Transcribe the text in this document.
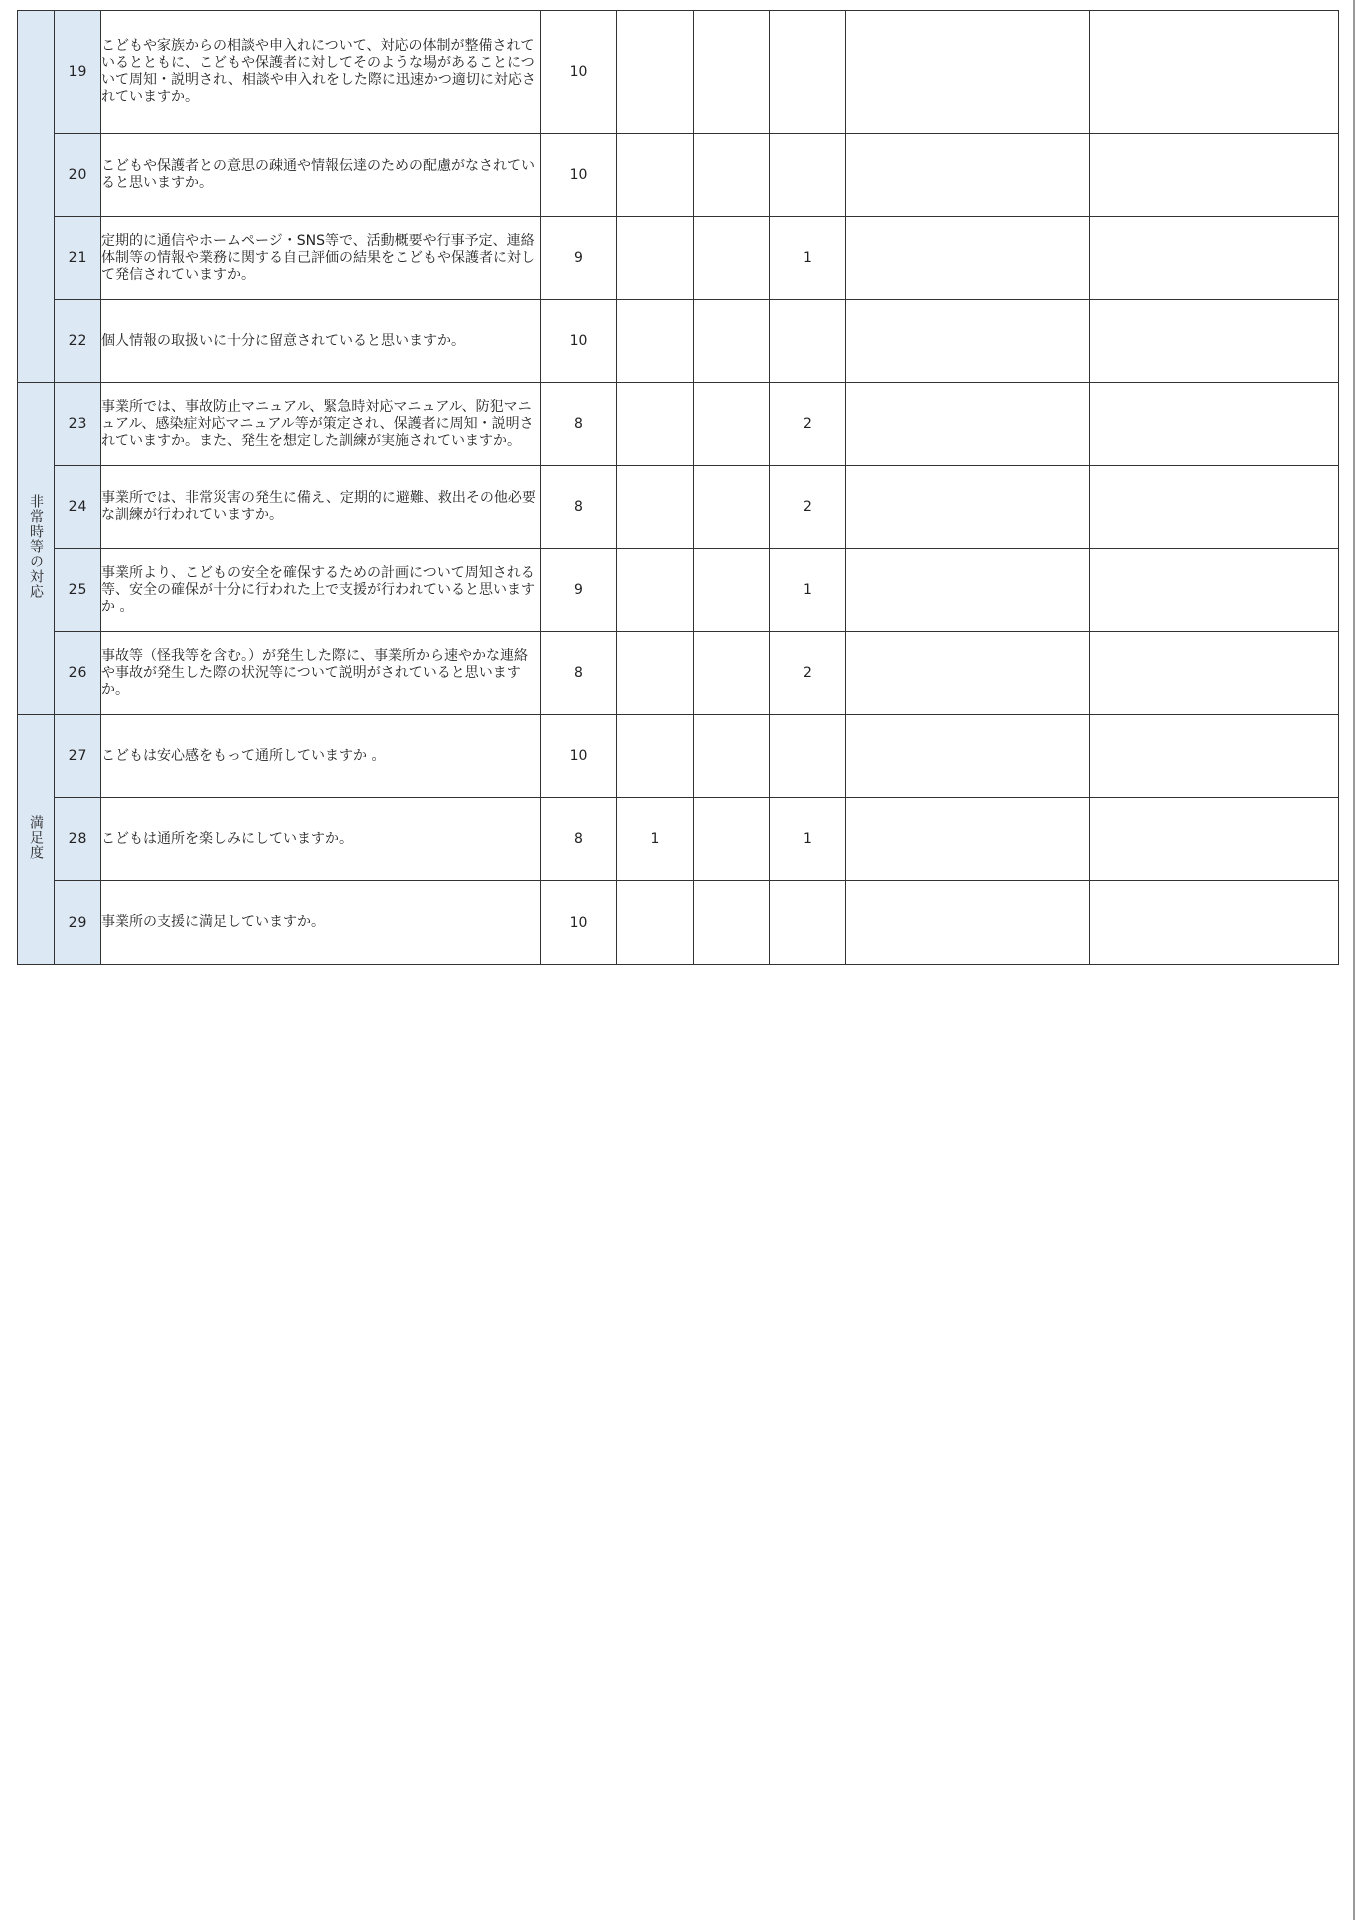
	19	こどもや家族からの相談や申入れについて、対応の体制が整備されているとともに、こどもや保護者に対してそのような場があることについて周知・説明され、相談や申入れをした際に迅速かつ適切に対応されていますか。	10					
	20	こどもや保護者との意思の疎通や情報伝達のための配慮がなされていると思いますか。	10					
	21	定期的に通信やホームページ・SNS等で、活動概要や行事予定、連絡体制等の情報や業務に関する自己評価の結果をこどもや保護者に対して発信されていますか。	9			1		
	22	個人情報の取扱いに十分に留意されていると思いますか。	10					
非常時等の対応	23	事業所では、事故防止マニュアル、緊急時対応マニュアル、防犯マニュアル、感染症対応マニュアル等が策定され、保護者に周知・説明されていますか。また、発生を想定した訓練が実施されていますか。	8			2		
	24	事業所では、非常災害の発生に備え、定期的に避難、救出その他必要な訓練が行われていますか。	8			2		
	25	事業所より、こどもの安全を確保するための計画について周知される等、安全の確保が十分に行われた上で支援が行われていると思いますか 。	9			1		
	26	事故等（怪我等を含む。）が発生した際に、事業所から速やかな連絡や事故が発生した際の状況等について説明がされていると思いますか。	8			2		
満足度	27	こどもは安心感をもって通所していますか 。	10					
	28	こどもは通所を楽しみにしていますか。	8	1		1		
	29	事業所の支援に満足していますか。	10					
